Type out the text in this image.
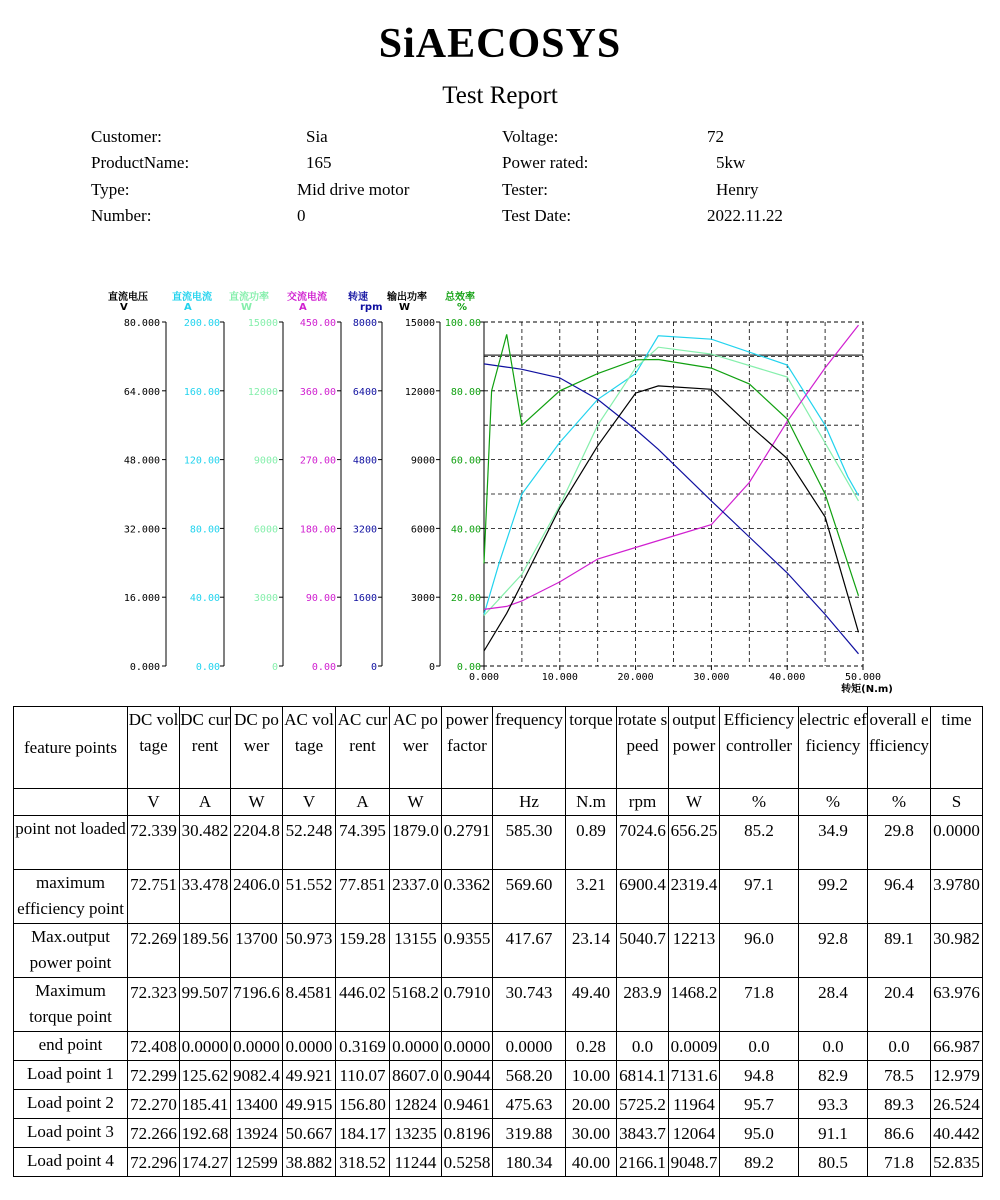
SiAECOSYS
Test Report
Customer:	Sia
ProductName:	165
Type:	Mid drive motor
Number:	0
Voltage:	72
Power rated:	5kw
Tester:	Henry
Test Date:	2022.11.22
直流电压
V
0.000
16.000
32.000
48.000
64.000
80.000
直流电流
A
0.00
40.00
80.00
120.00
160.00
200.00
直流功率
W
0
3000
6000
9000
12000
15000
交流电流
A
0.00
90.00
180.00
270.00
360.00
450.00
转速
rpm
0
1600
3200
4800
6400
8000
输出功率
W
0
3000
6000
9000
12000
15000
总效率
%
0.00
20.00
40.00
60.00
80.00
100.00
0.000	10.000	20.000	30.000	40.000	50.000
转矩(N.m)
feature points	DC voltage	DC current	DC power	AC voltage	AC current	AC power	power factor	frequency	torque	rotate speed	output power	Efficiency controller	electric efficiency	overall efficiency	time
	V	A	W	V	A	W		Hz	N.m	rpm	W	%	%	%	S
point not loaded	72.339	30.482	2204.8	52.248	74.395	1879.0	0.2791	585.30	0.89	7024.6	656.25	85.2	34.9	29.8	0.0000
maximum efficiency point	72.751	33.478	2406.0	51.552	77.851	2337.0	0.3362	569.60	3.21	6900.4	2319.4	97.1	99.2	96.4	3.9780
Max.output power point	72.269	189.56	13700	50.973	159.28	13155	0.9355	417.67	23.14	5040.7	12213	96.0	92.8	89.1	30.982
Maximum torque point	72.323	99.507	7196.6	8.4581	446.02	5168.2	0.7910	30.743	49.40	283.9	1468.2	71.8	28.4	20.4	63.976
end point	72.408	0.0000	0.0000	0.0000	0.3169	0.0000	0.0000	0.0000	0.28	0.0	0.0009	0.0	0.0	0.0	66.987
Load point 1	72.299	125.62	9082.4	49.921	110.07	8607.0	0.9044	568.20	10.00	6814.1	7131.6	94.8	82.9	78.5	12.979
Load point 2	72.270	185.41	13400	49.915	156.80	12824	0.9461	475.63	20.00	5725.2	11964	95.7	93.3	89.3	26.524
Load point 3	72.266	192.68	13924	50.667	184.17	13235	0.8196	319.88	30.00	3843.7	12064	95.0	91.1	86.6	40.442
Load point 4	72.296	174.27	12599	38.882	318.52	11244	0.5258	180.34	40.00	2166.1	9048.7	89.2	80.5	71.8	52.835
